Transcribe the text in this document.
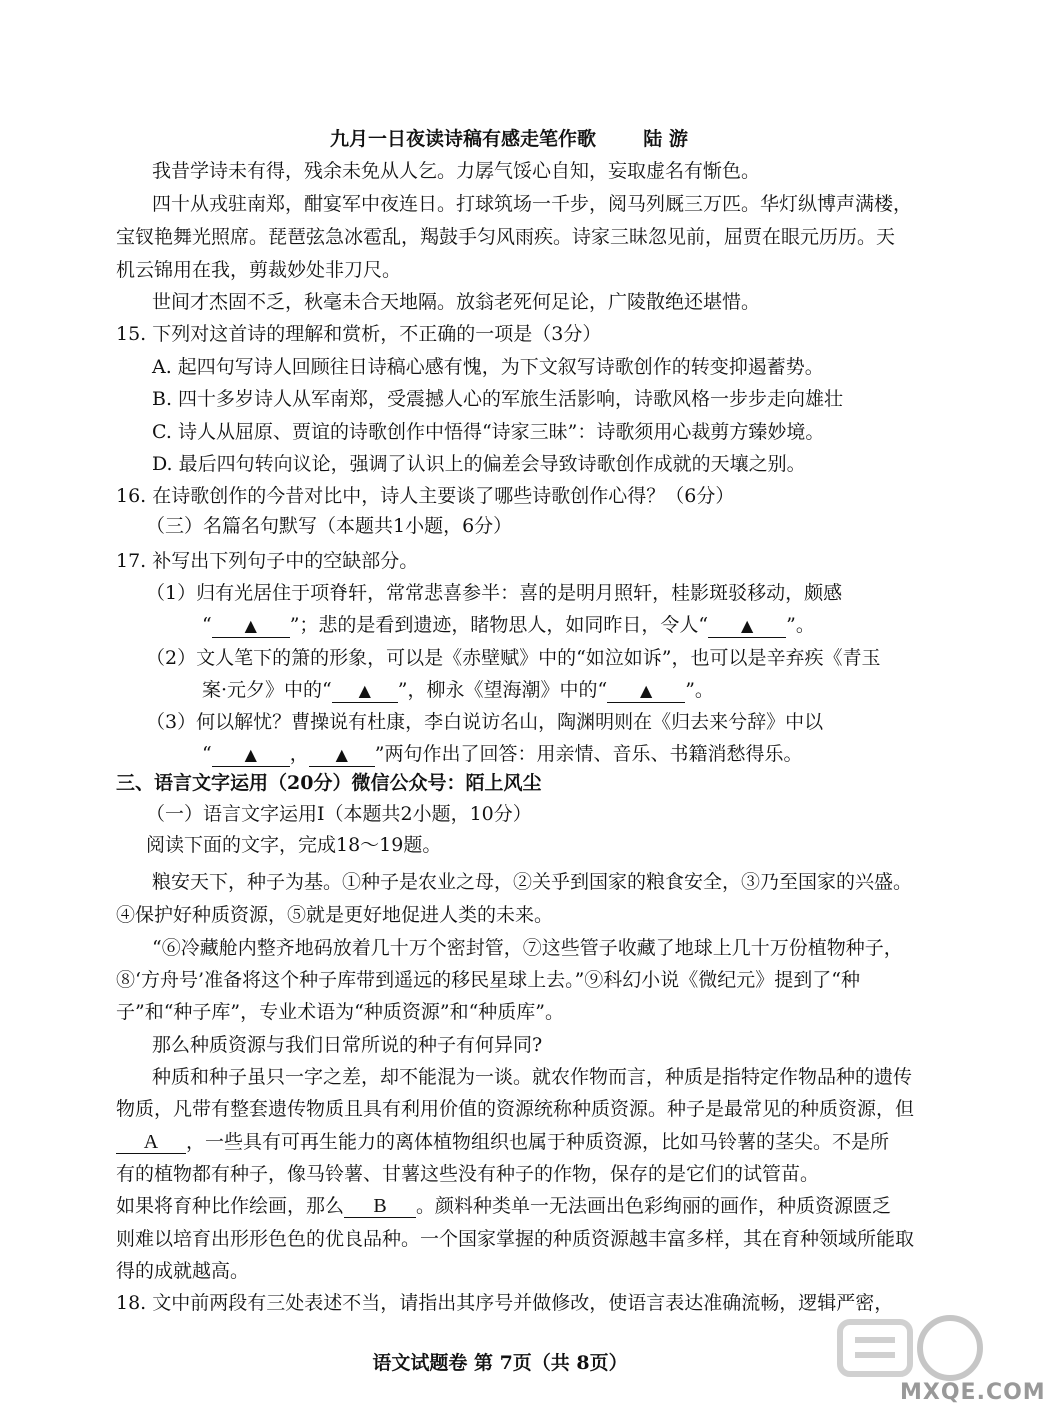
九月一日夜读诗稿有感走笔作歌 陆 游
我昔学诗未有得，残余未免从人乞。力孱气馁心自知，妄取虚名有惭色。
四十从戎驻南郑，酣宴军中夜连日。打球筑场一千步，阅马列厩三万匹。华灯纵博声满楼，
宝钗艳舞光照席。琵琶弦急冰雹乱，羯鼓手匀风雨疾。诗家三昧忽见前，屈贾在眼元历历。天
机云锦用在我，剪裁妙处非刀尺。
世间才杰固不乏，秋毫未合天地隔。放翁老死何足论，广陵散绝还堪惜。
15. 下列对这首诗的理解和赏析，不正确的一项是（3分）
A. 起四句写诗人回顾往日诗稿心感有愧，为下文叙写诗歌创作的转变抑遏蓄势。
B. 四十多岁诗人从军南郑，受震撼人心的军旅生活影响，诗歌风格一步步走向雄壮
C. 诗人从屈原、贾谊的诗歌创作中悟得“诗家三昧”：诗歌须用心裁剪方臻妙境。
D. 最后四句转向议论，强调了认识上的偏差会导致诗歌创作成就的天壤之别。
16. 在诗歌创作的今昔对比中，诗人主要谈了哪些诗歌创作心得？（6分）
（三）名篇名句默写（本题共1小题，6分）
17. 补写出下列句子中的空缺部分。
（1）归有光居住于项脊轩，常常悲喜参半：喜的是明月照轩，桂影斑驳移动，颇感
“ ▲ ”；悲的是看到遗迹，睹物思人，如同昨日，令人“ ▲ ”。
（2）文人笔下的箫的形象，可以是《赤壁赋》中的“如泣如诉”，也可以是辛弃疾《青玉
案·元夕》中的“ ▲ ”，柳永《望海潮》中的“ ▲ ”。
（3）何以解忧？曹操说有杜康，李白说访名山，陶渊明则在《归去来兮辞》中以
“ ▲ ， ▲ ”两句作出了回答：用亲情、音乐、书籍消愁得乐。
三、语言文字运用（20分）微信公众号：陌上风尘
（一）语言文字运用Ⅰ（本题共2小题，10分）
阅读下面的文字，完成18～19题。
粮安天下，种子为基。①种子是农业之母，②关乎到国家的粮食安全，③乃至国家的兴盛。
④保护好种质资源，⑤就是更好地促进人类的未来。
“⑥冷藏舱内整齐地码放着几十万个密封管，⑦这些管子收藏了地球上几十万份植物种子，
⑧‘方舟号’准备将这个种子库带到遥远的移民星球上去。”⑨科幻小说《微纪元》提到了“种
子”和“种子库”，专业术语为“种质资源”和“种质库”。
那么种质资源与我们日常所说的种子有何异同?
种质和种子虽只一字之差，却不能混为一谈。就农作物而言，种质是指特定作物品种的遗传
物质，凡带有整套遗传物质且具有利用价值的资源统称种质资源。种子是最常见的种质资源，但
A ，一些具有可再生能力的离体植物组织也属于种质资源，比如马铃薯的茎尖。不是所
有的植物都有种子，像马铃薯、甘薯这些没有种子的作物，保存的是它们的试管苗。
如果将育种比作绘画，那么 B 。颜料种类单一无法画出色彩绚丽的画作，种质资源匮乏
则难以培育出形形色色的优良品种。一个国家掌握的种质资源越丰富多样，其在育种领域所能取
得的成就越高。
18. 文中前两段有三处表述不当，请指出其序号并做修改，使语言表达准确流畅，逻辑严密，
语文试题卷 第 7页（共 8页）
MXQE.COM
